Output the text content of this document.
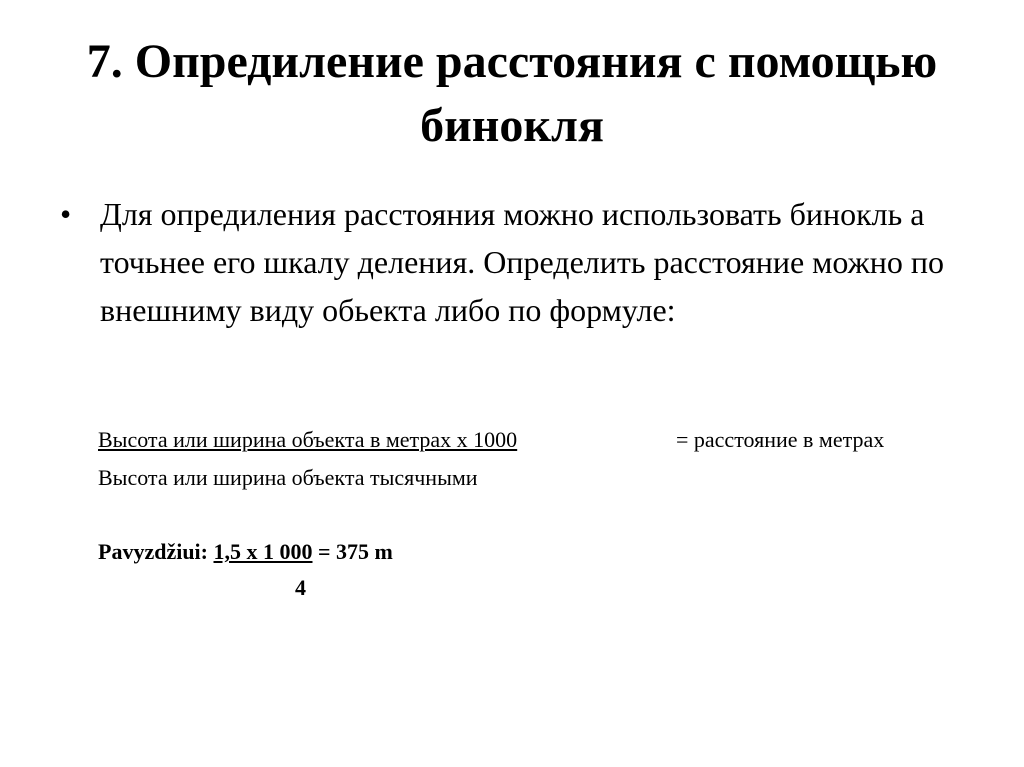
7. Опредиление расстояния с помощью бинокля
• Для опредиления расстояния можно использовать бинокль а точьнее его шкалу деления. Определить расстояние можно по внешниму виду обьекта либо по формуле:
Высота или ширина объекта в метрах х 1000	= расстояние в метрах
Высота или ширина объекта тысячными
Pavyzdžiui: 1,5 x 1 000 = 375 m
4
